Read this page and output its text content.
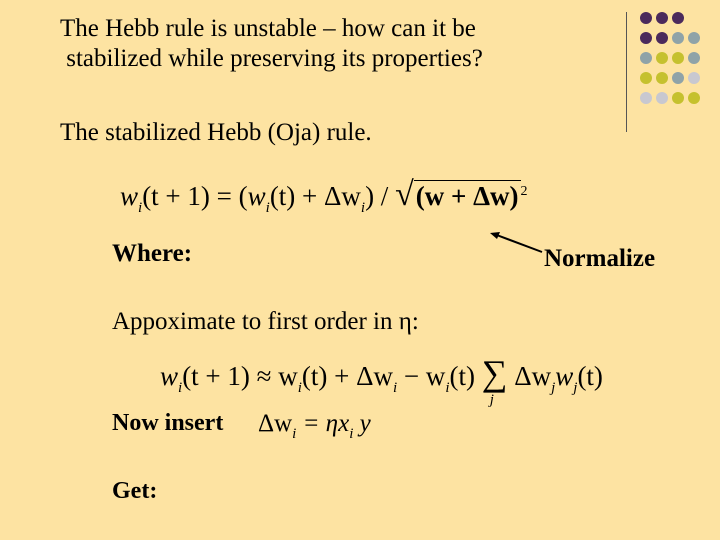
The Hebb rule is unstable – how can it be
stabilized while preserving its properties?
The stabilized Hebb (Oja) rule.
$w_i(t + 1) = (w_i(t) + \Delta w_i) / √(w + \Delta w)$ $^2$
Where:	Normalize
Appoximate to first order in η:
$w_i(t + 1) \approx w_i(t) + \Delta w_i - w_i(t)$ ∑
j
$\Delta w_jw_j(t)$
Now insert $\Delta w_i = \eta x_i$ y
Get:
